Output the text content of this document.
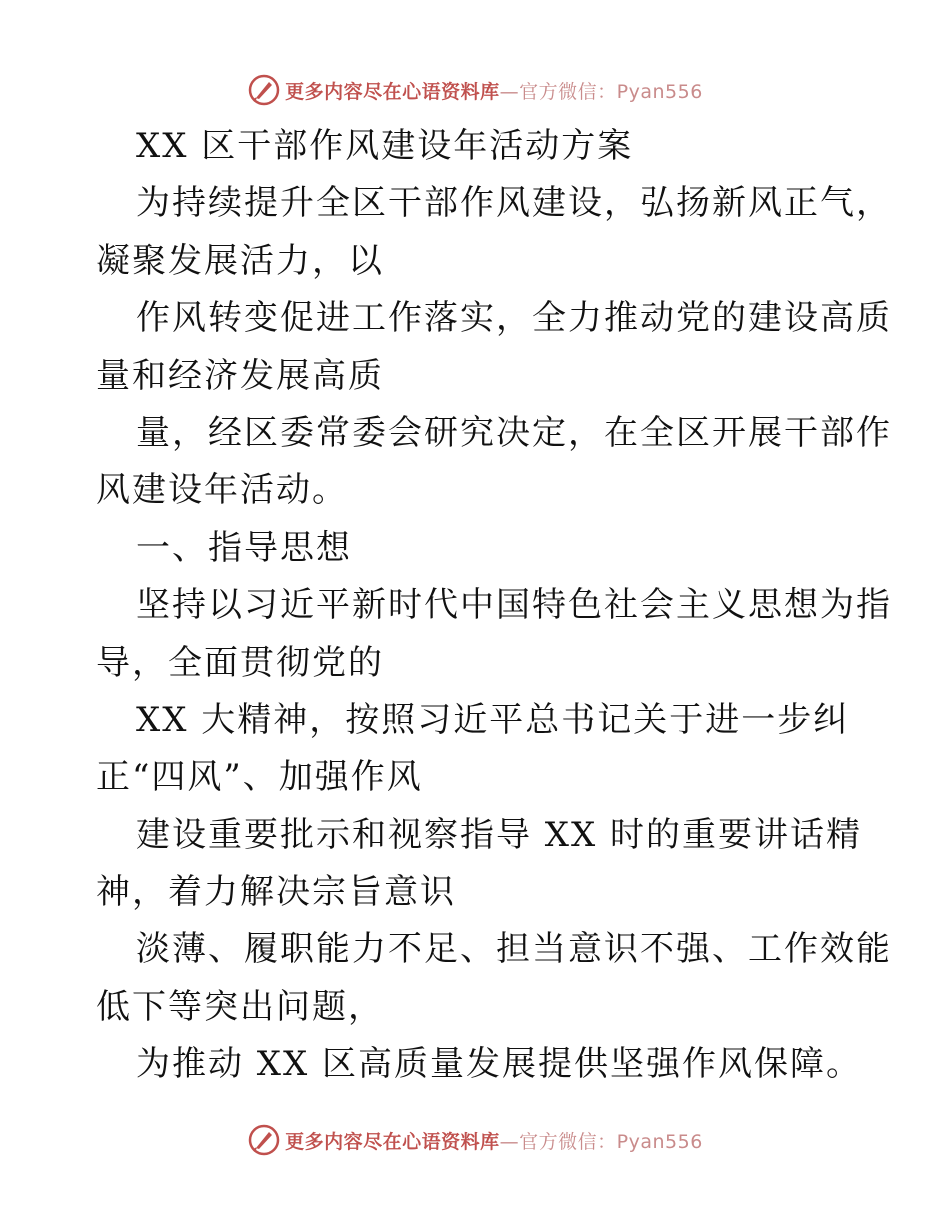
更多内容尽在心语资料库—官方微信：Pyan556
XX 区干部作风建设年活动方案
为持续提升全区干部作风建设，弘扬新风正气，
凝聚发展活力，以
作风转变促进工作落实，全力推动党的建设高质
量和经济发展高质
量，经区委常委会研究决定，在全区开展干部作
风建设年活动。
一、指导思想
坚持以习近平新时代中国特色社会主义思想为指
导，全面贯彻党的
XX 大精神，按照习近平总书记关于进一步纠
正“四风”、加强作风
建设重要批示和视察指导 XX 时的重要讲话精
神，着力解决宗旨意识
淡薄、履职能力不足、担当意识不强、工作效能
低下等突出问题，
为推动 XX 区高质量发展提供坚强作风保障。
更多内容尽在心语资料库—官方微信：Pyan556
